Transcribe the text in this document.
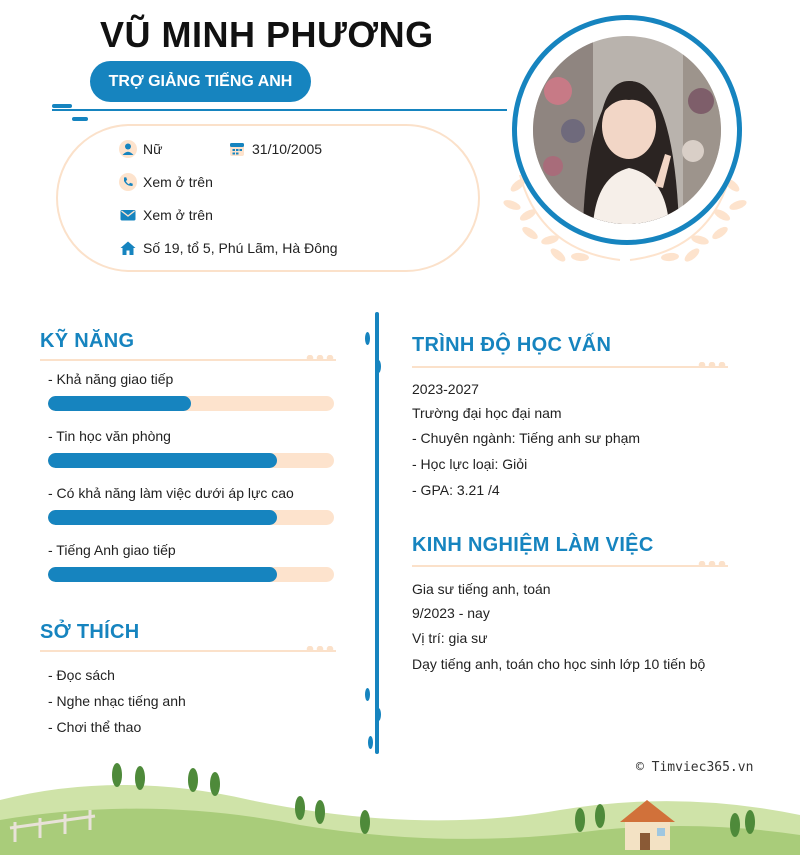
VŨ MINH PHƯƠNG
TRỢ GIẢNG TIẾNG ANH
Nữ	31/10/2005
Xem ở trên
Xem ở trên
Số 19, tổ 5, Phú Lãm, Hà Đông
KỸ NĂNG
- Khả năng giao tiếp
- Tin học văn phòng
- Có khả năng làm việc dưới áp lực cao
- Tiếng Anh giao tiếp
SỞ THÍCH
- Đọc sách
- Nghe nhạc tiếng anh
- Chơi thể thao
TRÌNH ĐỘ HỌC VẤN
2023-2027
Trường đại học đại nam
- Chuyên ngành: Tiếng anh sư phạm
- Học lực loại: Giỏi
- GPA: 3.21 /4
KINH NGHIỆM LÀM VIỆC
Gia sư tiếng anh, toán
9/2023 - nay
Vị trí: gia sư
Dạy tiếng anh, toán cho học sinh lớp 10 tiến bộ
© Timviec365.vn
